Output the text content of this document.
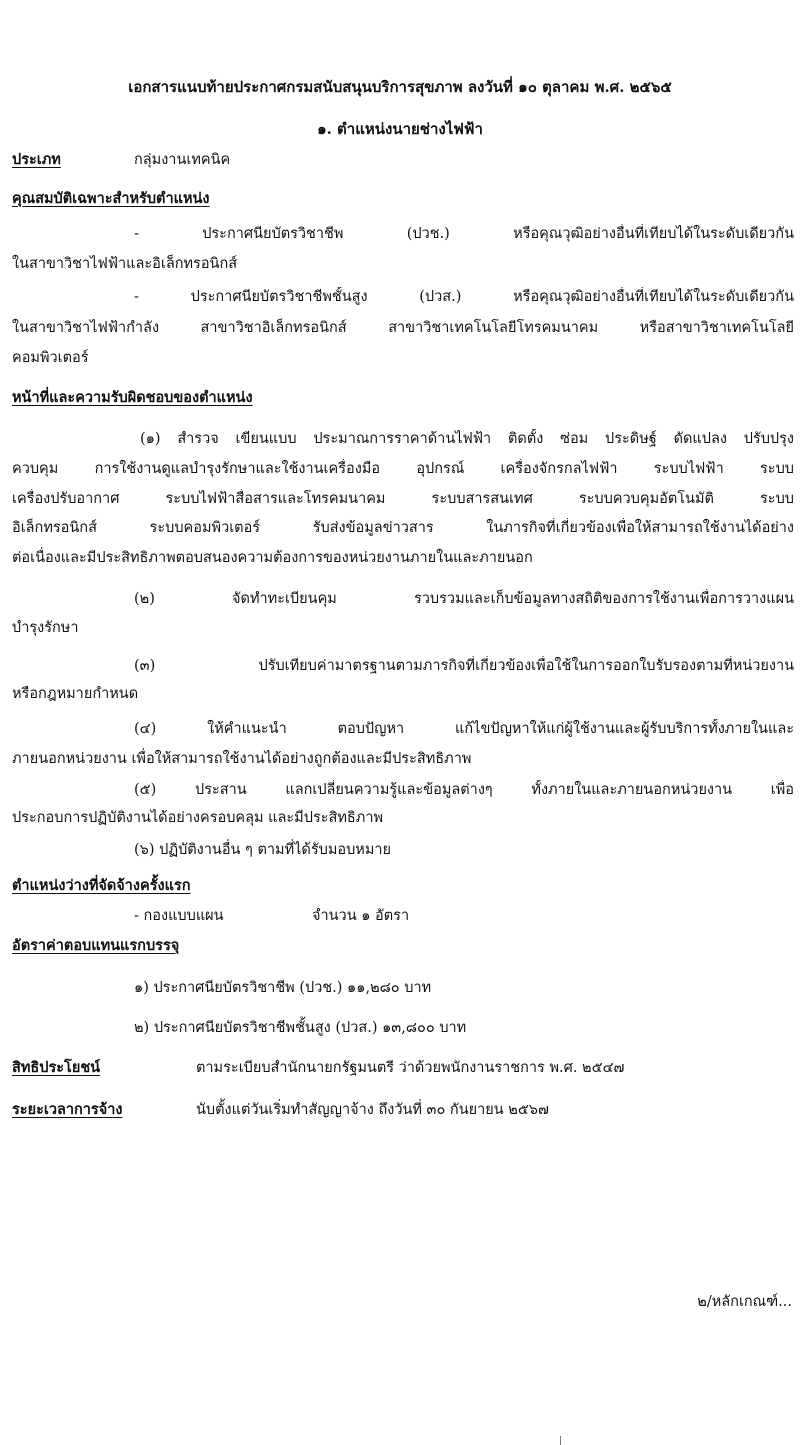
เอกสารแนบท้ายประกาศกรมสนับสนุนบริการสุขภาพ ลงวันที่ ๑๐ ตุลาคม พ.ศ. ๒๕๖๕
๑. ตำแหน่งนายช่างไฟฟ้า
ประเภท	กลุ่มงานเทคนิค
คุณสมบัติเฉพาะสำหรับตำแหน่ง
- ประกาศนียบัตรวิชาชีพ (ปวช.) หรือคุณวุฒิอย่างอื่นที่เทียบได้ในระดับเดียวกัน
ในสาขาวิชาไฟฟ้าและอิเล็กทรอนิกส์
- ประกาศนียบัตรวิชาชีพชั้นสูง (ปวส.) หรือคุณวุฒิอย่างอื่นที่เทียบได้ในระดับเดียวกัน
ในสาขาวิชาไฟฟ้ากำลัง สาขาวิชาอิเล็กทรอนิกส์ สาขาวิชาเทคโนโลยีโทรคมนาคม หรือสาขาวิชาเทคโนโลยี
คอมพิวเตอร์
หน้าที่และความรับผิดชอบของตำแหน่ง
(๑) สำรวจ เขียนแบบ ประมาณการราคาด้านไฟฟ้า ติดตั้ง ซ่อม ประดิษฐ์ ดัดแปลง ปรับปรุง
ควบคุม การใช้งานดูแลบำรุงรักษาและใช้งานเครื่องมือ อุปกรณ์ เครื่องจักรกลไฟฟ้า ระบบไฟฟ้า ระบบ
เครื่องปรับอากาศ ระบบไฟฟ้าสื่อสารและโทรคมนาคม ระบบสารสนเทศ ระบบควบคุมอัตโนมัติ ระบบ
อิเล็กทรอนิกส์ ระบบคอมพิวเตอร์ รับส่งข้อมูลข่าวสาร ในภารกิจที่เกี่ยวข้องเพื่อให้สามารถใช้งานได้อย่าง
ต่อเนื่องและมีประสิทธิภาพตอบสนองความต้องการของหน่วยงานภายในและภายนอก
(๒) จัดทำทะเบียนคุม รวบรวมและเก็บข้อมูลทางสถิติของการใช้งานเพื่อการวางแผน
บำรุงรักษา
(๓) ปรับเทียบค่ามาตรฐานตามภารกิจที่เกี่ยวข้องเพื่อใช้ในการออกใบรับรองตามที่หน่วยงาน
หรือกฎหมายกำหนด
(๔) ให้คำแนะนำ ตอบปัญหา แก้ไขปัญหาให้แก่ผู้ใช้งานและผู้รับบริการทั้งภายในและ
ภายนอกหน่วยงาน เพื่อให้สามารถใช้งานได้อย่างถูกต้องและมีประสิทธิภาพ
(๕) ประสาน แลกเปลี่ยนความรู้และข้อมูลต่างๆ ทั้งภายในและภายนอกหน่วยงาน เพื่อ
ประกอบการปฏิบัติงานได้อย่างครอบคลุม และมีประสิทธิภาพ
(๖) ปฏิบัติงานอื่น ๆ ตามที่ได้รับมอบหมาย
ตำแหน่งว่างที่จัดจ้างครั้งแรก
- กองแบบแผน	จำนวน ๑ อัตรา
อัตราค่าตอบแทนแรกบรรจุ
๑) ประกาศนียบัตรวิชาชีพ (ปวช.) ๑๑,๒๘๐ บาท
๒) ประกาศนียบัตรวิชาชีพชั้นสูง (ปวส.) ๑๓,๘๐๐ บาท
สิทธิประโยชน์	ตามระเบียบสำนักนายกรัฐมนตรี ว่าด้วยพนักงานราชการ พ.ศ. ๒๕๔๗
ระยะเวลาการจ้าง	นับตั้งแต่วันเริ่มทำสัญญาจ้าง ถึงวันที่ ๓๐ กันยายน ๒๕๖๗
๒/หลักเกณฑ์...
